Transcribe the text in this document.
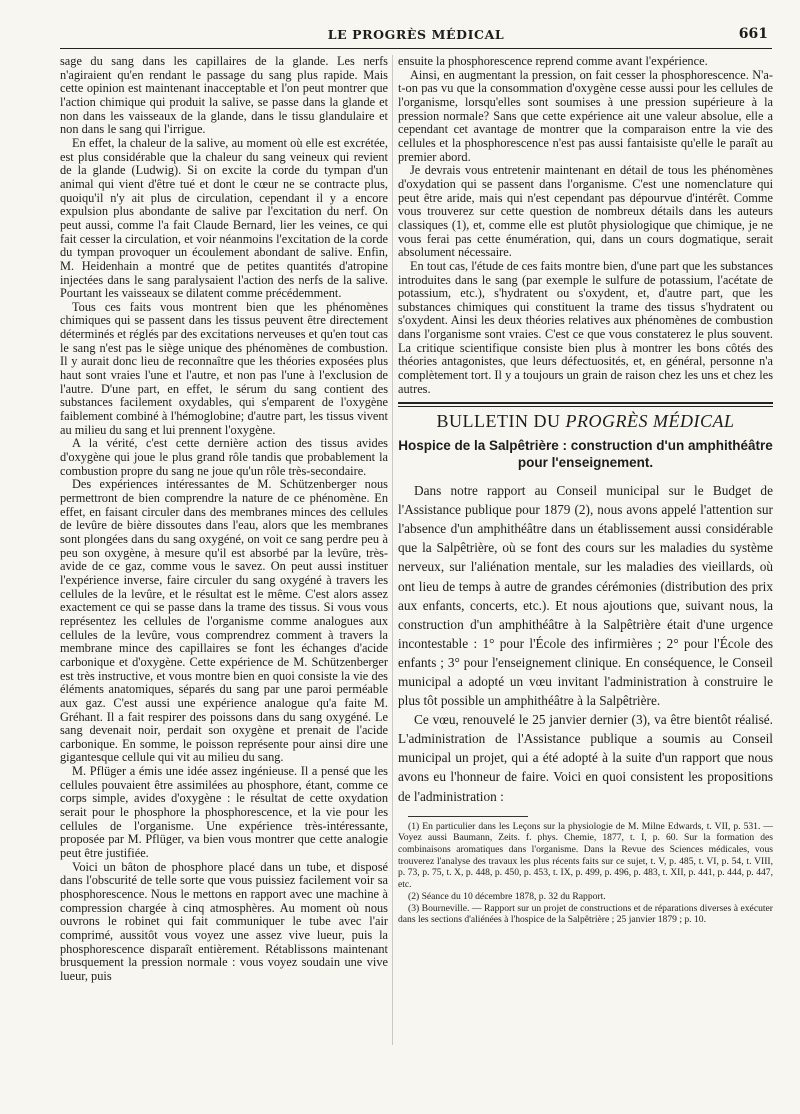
LE PROGRÈS MÉDICAL	661

sage du sang dans les capillaires de la glande. Les nerfs n'agiraient qu'en rendant le passage du sang plus rapide. Mais cette opinion est maintenant inacceptable et l'on peut montrer que l'action chimique qui produit la salive, se passe dans la glande et non dans les vaisseaux de la glande, dans le tissu glandulaire et non dans le sang qui l'irrigue.

En effet, la chaleur de la salive, au moment où elle est excrétée, est plus considérable que la chaleur du sang veineux qui revient de la glande (Ludwig). Si on excite la corde du tympan d'un animal qui vient d'être tué et dont le cœur ne se contracte plus, quoiqu'il n'y ait plus de circulation, cependant il y a encore expulsion plus abondante de salive par l'excitation du nerf. On peut aussi, comme l'a fait Claude Bernard, lier les veines, ce qui fait cesser la circulation, et voir néanmoins l'excitation de la corde du tympan provoquer un écoulement abondant de salive. Enfin, M. Heidenhain a montré que de petites quantités d'atropine injectées dans le sang paralysaient l'action des nerfs de la salive. Pourtant les vaisseaux se dilatent comme précédemment.

Tous ces faits vous montrent bien que les phénomènes chimiques qui se passent dans les tissus peuvent être directement déterminés et réglés par des excitations nerveuses et qu'en tout cas le sang n'est pas le siège unique des phénomènes de combustion. Il y aurait donc lieu de reconnaître que les théories exposées plus haut sont vraies l'une et l'autre, et non pas l'une à l'exclusion de l'autre. D'une part, en effet, le sérum du sang contient des substances facilement oxydables, qui s'emparent de l'oxygène faiblement combiné à l'hémoglobine; d'autre part, les tissus vivent au milieu du sang et lui prennent l'oxygène.

A la vérité, c'est cette dernière action des tissus avides d'oxygène qui joue le plus grand rôle tandis que probablement la combustion propre du sang ne joue qu'un rôle très-secondaire.

Des expériences intéressantes de M. Schützenberger nous permettront de bien comprendre la nature de ce phénomène. En effet, en faisant circuler dans des membranes minces des cellules de levûre de bière dissoutes dans l'eau, alors que les membranes sont plongées dans du sang oxygéné, on voit ce sang perdre peu à peu son oxygène, à mesure qu'il est absorbé par la levûre, très-avide de ce gaz, comme vous le savez. On peut aussi instituer l'expérience inverse, faire circuler du sang oxygéné à travers les cellules de la levûre, et le résultat est le même. C'est alors assez exactement ce qui se passe dans la trame des tissus. Si vous vous représentez les cellules de l'organisme comme analogues aux cellules de la levûre, vous comprendrez comment à travers la membrane mince des capillaires se font les échanges d'acide carbonique et d'oxygène. Cette expérience de M. Schützenberger est très instructive, et vous montre bien en quoi consiste la vie des éléments anatomiques, séparés du sang par une paroi perméable aux gaz. C'est aussi une expérience analogue qu'a faite M. Gréhant. Il a fait respirer des poissons dans du sang oxygéné. Le sang devenait noir, perdait son oxygène et prenait de l'acide carbonique. En somme, le poisson représente pour ainsi dire une gigantesque cellule qui vit au milieu du sang.

M. Pflüger a émis une idée assez ingénieuse. Il a pensé que les cellules pouvaient être assimilées au phosphore, étant, comme ce corps simple, avides d'oxygène : le résultat de cette oxydation serait pour le phosphore la phosphorescence, et la vie pour les cellules de l'organisme. Une expérience très-intéressante, proposée par M. Pflüger, va bien vous montrer que cette analogie peut être justifiée.

Voici un bâton de phosphore placé dans un tube, et disposé dans l'obscurité de telle sorte que vous puissiez facilement voir sa phosphorescence. Nous le mettons en rapport avec une machine à compression chargée à cinq atmosphères. Au moment où nous ouvrons le robinet qui fait communiquer le tube avec l'air comprimé, aussitôt vous voyez une assez vive lueur, puis la phosphorescence disparaît entièrement. Rétablissons maintenant brusquement la pression normale : vous voyez soudain une vive lueur, puis

ensuite la phosphorescence reprend comme avant l'expérience.

Ainsi, en augmentant la pression, on fait cesser la phosphorescence. N'a-t-on pas vu que la consommation d'oxygène cesse aussi pour les cellules de l'organisme, lorsqu'elles sont soumises à une pression supérieure à la pression normale? Sans que cette expérience ait une valeur absolue, elle a cependant cet avantage de montrer que la comparaison entre la vie des cellules et la phosphorescence n'est pas aussi fantaisiste qu'elle le paraît au premier abord.

Je devrais vous entretenir maintenant en détail de tous les phénomènes d'oxydation qui se passent dans l'organisme. C'est une nomenclature qui peut être aride, mais qui n'est cependant pas dépourvue d'intérêt. Comme vous trouverez sur cette question de nombreux détails dans les auteurs classiques (1), et, comme elle est plutôt physiologique que chimique, je ne vous ferai pas cette énumération, qui, dans un cours dogmatique, serait absolument nécessaire.

En tout cas, l'étude de ces faits montre bien, d'une part que les substances introduites dans le sang (par exemple le sulfure de potassium, l'acétate de potassium, etc.), s'hydratent ou s'oxydent, et, d'autre part, que les substances chimiques qui constituent la trame des tissus s'hydratent ou s'oxydent. Ainsi les deux théories relatives aux phénomènes de combustion dans l'organisme sont vraies. C'est ce que vous constaterez le plus souvent. La critique scientifique consiste bien plus à montrer les bons côtés des théories antagonistes, que leurs défectuosités, et, en général, personne n'a complètement tort. Il y a toujours un grain de raison chez les uns et chez les autres.

BULLETIN DU PROGRÈS MÉDICAL
Hospice de la Salpêtrière : construction d'un amphithéâtre pour l'enseignement.

Dans notre rapport au Conseil municipal sur le Budget de l'Assistance publique pour 1879 (2), nous avons appelé l'attention sur l'absence d'un amphithéâtre dans un établissement aussi considérable que la Salpêtrière, où se font des cours sur les maladies du système nerveux, sur l'aliénation mentale, sur les maladies des vieillards, où ont lieu de temps à autre de grandes cérémonies (distribution des prix aux enfants, concerts, etc.). Et nous ajoutions que, suivant nous, la construction d'un amphithéâtre à la Salpêtrière était d'une urgence incontestable : 1° pour l'École des infirmières ; 2° pour l'École des enfants ; 3° pour l'enseignement clinique. En conséquence, le Conseil municipal a adopté un vœu invitant l'administration à construire le plus tôt possible un amphithéâtre à la Salpêtrière.

Ce vœu, renouvelé le 25 janvier dernier (3), va être bientôt réalisé. L'administration de l'Assistance publique a soumis au Conseil municipal un projet, qui a été adopté à la suite d'un rapport que nous avons eu l'honneur de faire. Voici en quoi consistent les propositions de l'administration :

(1) En particulier dans les Leçons sur la physiologie de M. Milne Edwards, t. VII, p. 531. — Voyez aussi Baumann, Zeits. f. phys. Chemie, 1877, t. I, p. 60. Sur la formation des combinaisons aromatiques dans l'organisme. Dans la Revue des Sciences médicales, vous trouverez l'analyse des travaux les plus récents faits sur ce sujet, t. V, p. 485, t. VI, p. 54, t. VIII, p. 73, p. 75, t. X, p. 448, p. 450, p. 453, t. IX, p. 499, p. 496, p. 483, t. XII, p. 441, p. 444, p. 447, etc.

(2) Séance du 10 décembre 1878, p. 32 du Rapport.

(3) Bourneville. — Rapport sur un projet de constructions et de réparations diverses à exécuter dans les sections d'aliénées à l'hospice de la Salpêtrière ; 25 janvier 1879 ; p. 10.
